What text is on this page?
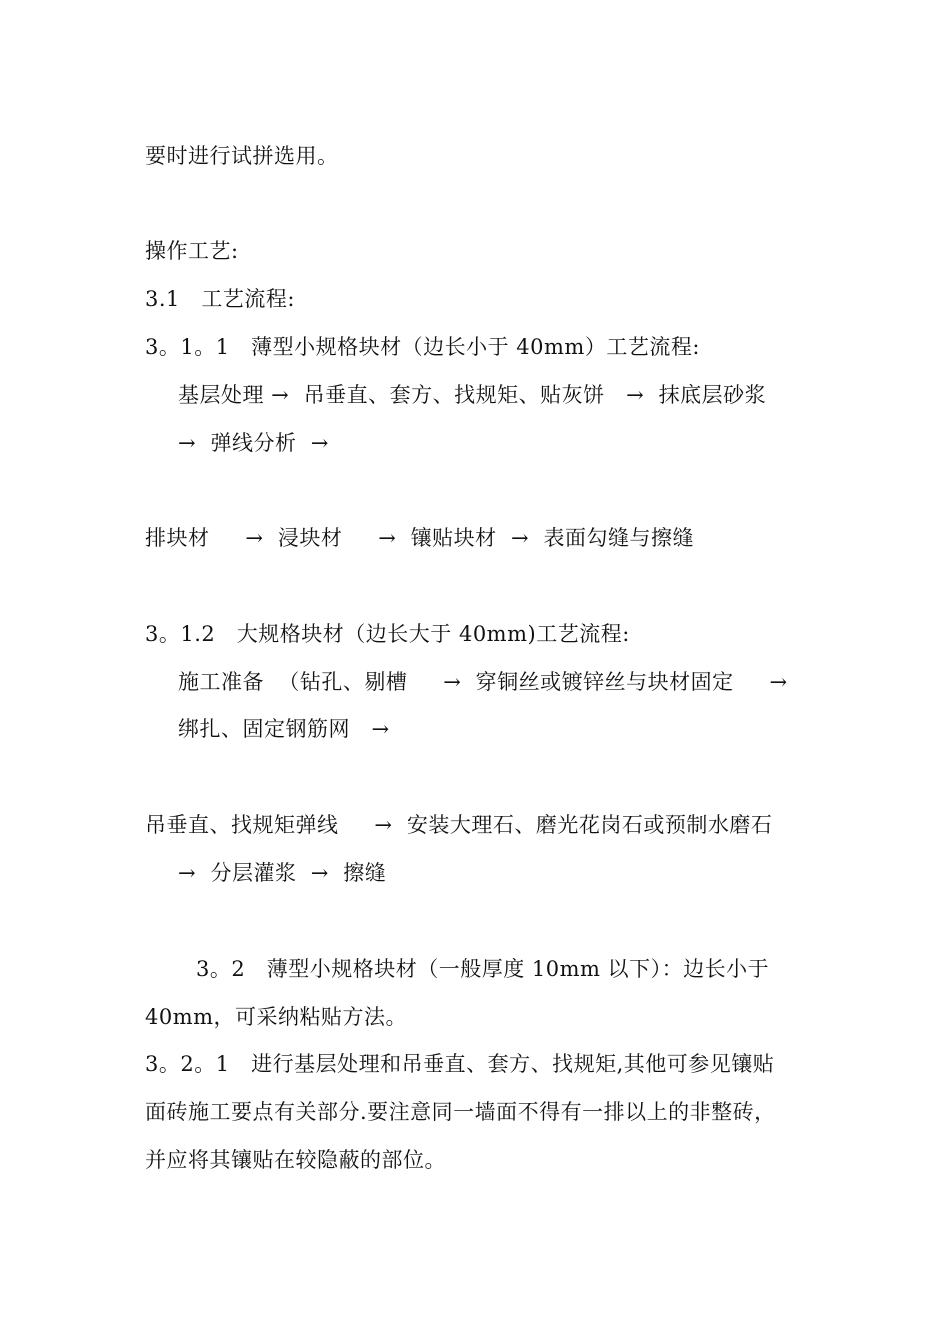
要时进行试拼选用。
操作工艺:
3.1   工艺流程:
3。1。1   薄型小规格块材（边长小于 40mm）工艺流程:
基层处理 →  吊垂直、套方、找规矩、贴灰饼   →  抹底层砂浆
→  弹线分析  →
排块材     →  浸块材     →  镶贴块材  →  表面勾缝与擦缝
3。1.2   大规格块材（边长大于 40mm)工艺流程:
施工准备  （钻孔、剔槽     →  穿铜丝或镀锌丝与块材固定     →
绑扎、固定钢筋网   →
吊垂直、找规矩弹线     →  安装大理石、磨光花岗石或预制水磨石
→  分层灌浆  →  擦缝
3。2   薄型小规格块材（一般厚度 10mm 以下）：边长小于
40mm，可采纳粘贴方法。
3。2。1   进行基层处理和吊垂直、套方、找规矩,其他可参见镶贴
面砖施工要点有关部分.要注意同一墙面不得有一排以上的非整砖，
并应将其镶贴在较隐蔽的部位。
